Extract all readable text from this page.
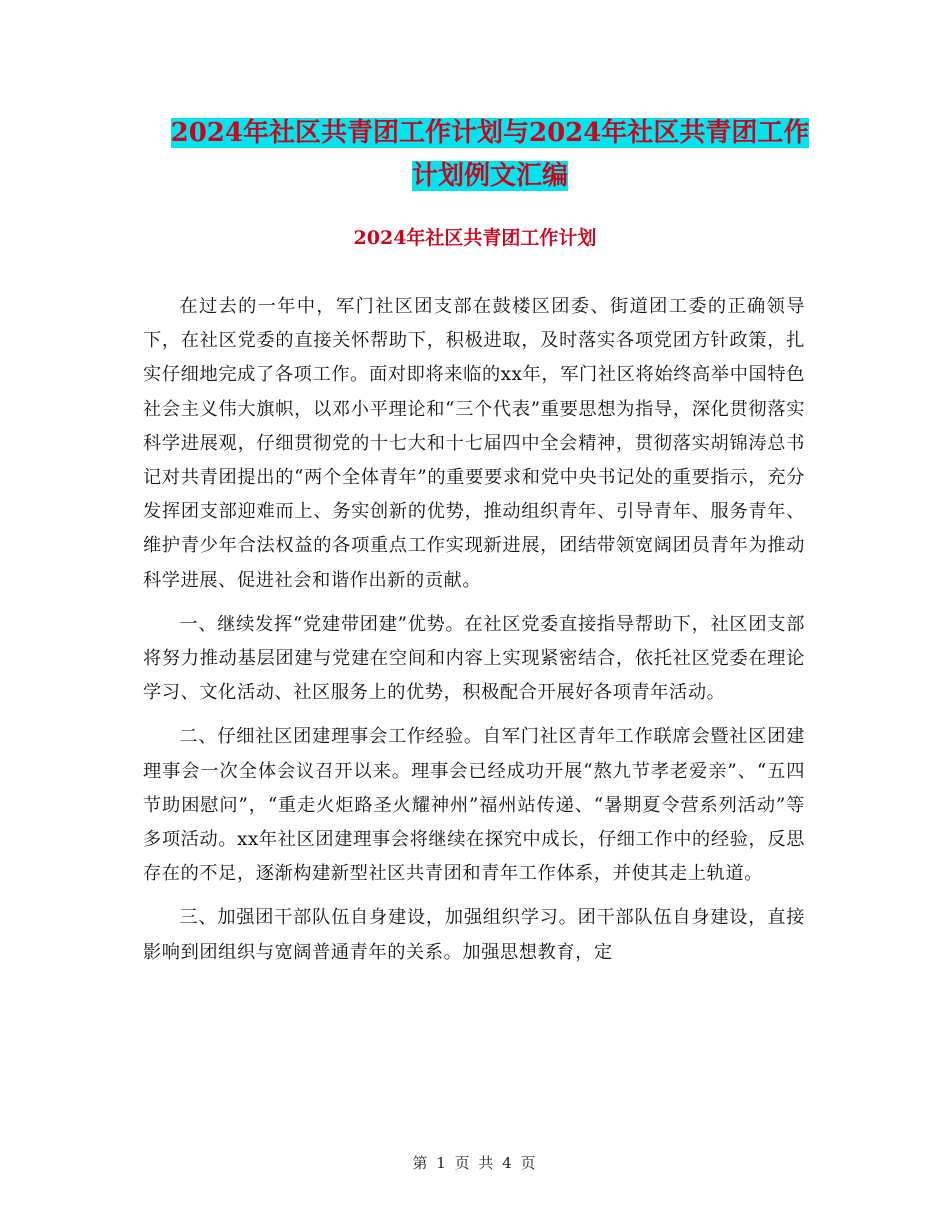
2024年社区共青团工作计划与2024年社区共青团工作
计划例文汇编
2024年社区共青团工作计划

在过去的一年中，军门社区团支部在鼓楼区团委、街道团工委的正确领导下，在社区党委的直接关怀帮助下，积极进取，及时落实各项党团方针政策，扎实仔细地完成了各项工作。面对即将来临的xx年，军门社区将始终高举中国特色社会主义伟大旗帜，以邓小平理论和“三个代表”重要思想为指导，深化贯彻落实科学进展观，仔细贯彻党的十七大和十七届四中全会精神，贯彻落实胡锦涛总书记对共青团提出的“两个全体青年”的重要要求和党中央书记处的重要指示，充分发挥团支部迎难而上、务实创新的优势，推动组织青年、引导青年、服务青年、维护青少年合法权益的各项重点工作实现新进展，团结带领宽阔团员青年为推动科学进展、促进社会和谐作出新的贡献。

一、继续发挥“党建带团建”优势。在社区党委直接指导帮助下，社区团支部将努力推动基层团建与党建在空间和内容上实现紧密结合，依托社区党委在理论学习、文化活动、社区服务上的优势，积极配合开展好各项青年活动。

二、仔细社区团建理事会工作经验。自军门社区青年工作联席会暨社区团建理事会一次全体会议召开以来。理事会已经成功开展“熬九节孝老爱亲”、“五四节助困慰问”，“重走火炬路圣火耀神州”福州站传递、“暑期夏令营系列活动”等多项活动。xx年社区团建理事会将继续在探究中成长，仔细工作中的经验，反思存在的不足，逐渐构建新型社区共青团和青年工作体系，并使其走上轨道。

三、加强团干部队伍自身建设，加强组织学习。团干部队伍自身建设，直接影响到团组织与宽阔普通青年的关系。加强思想教育，定

第 1 页 共 4 页
